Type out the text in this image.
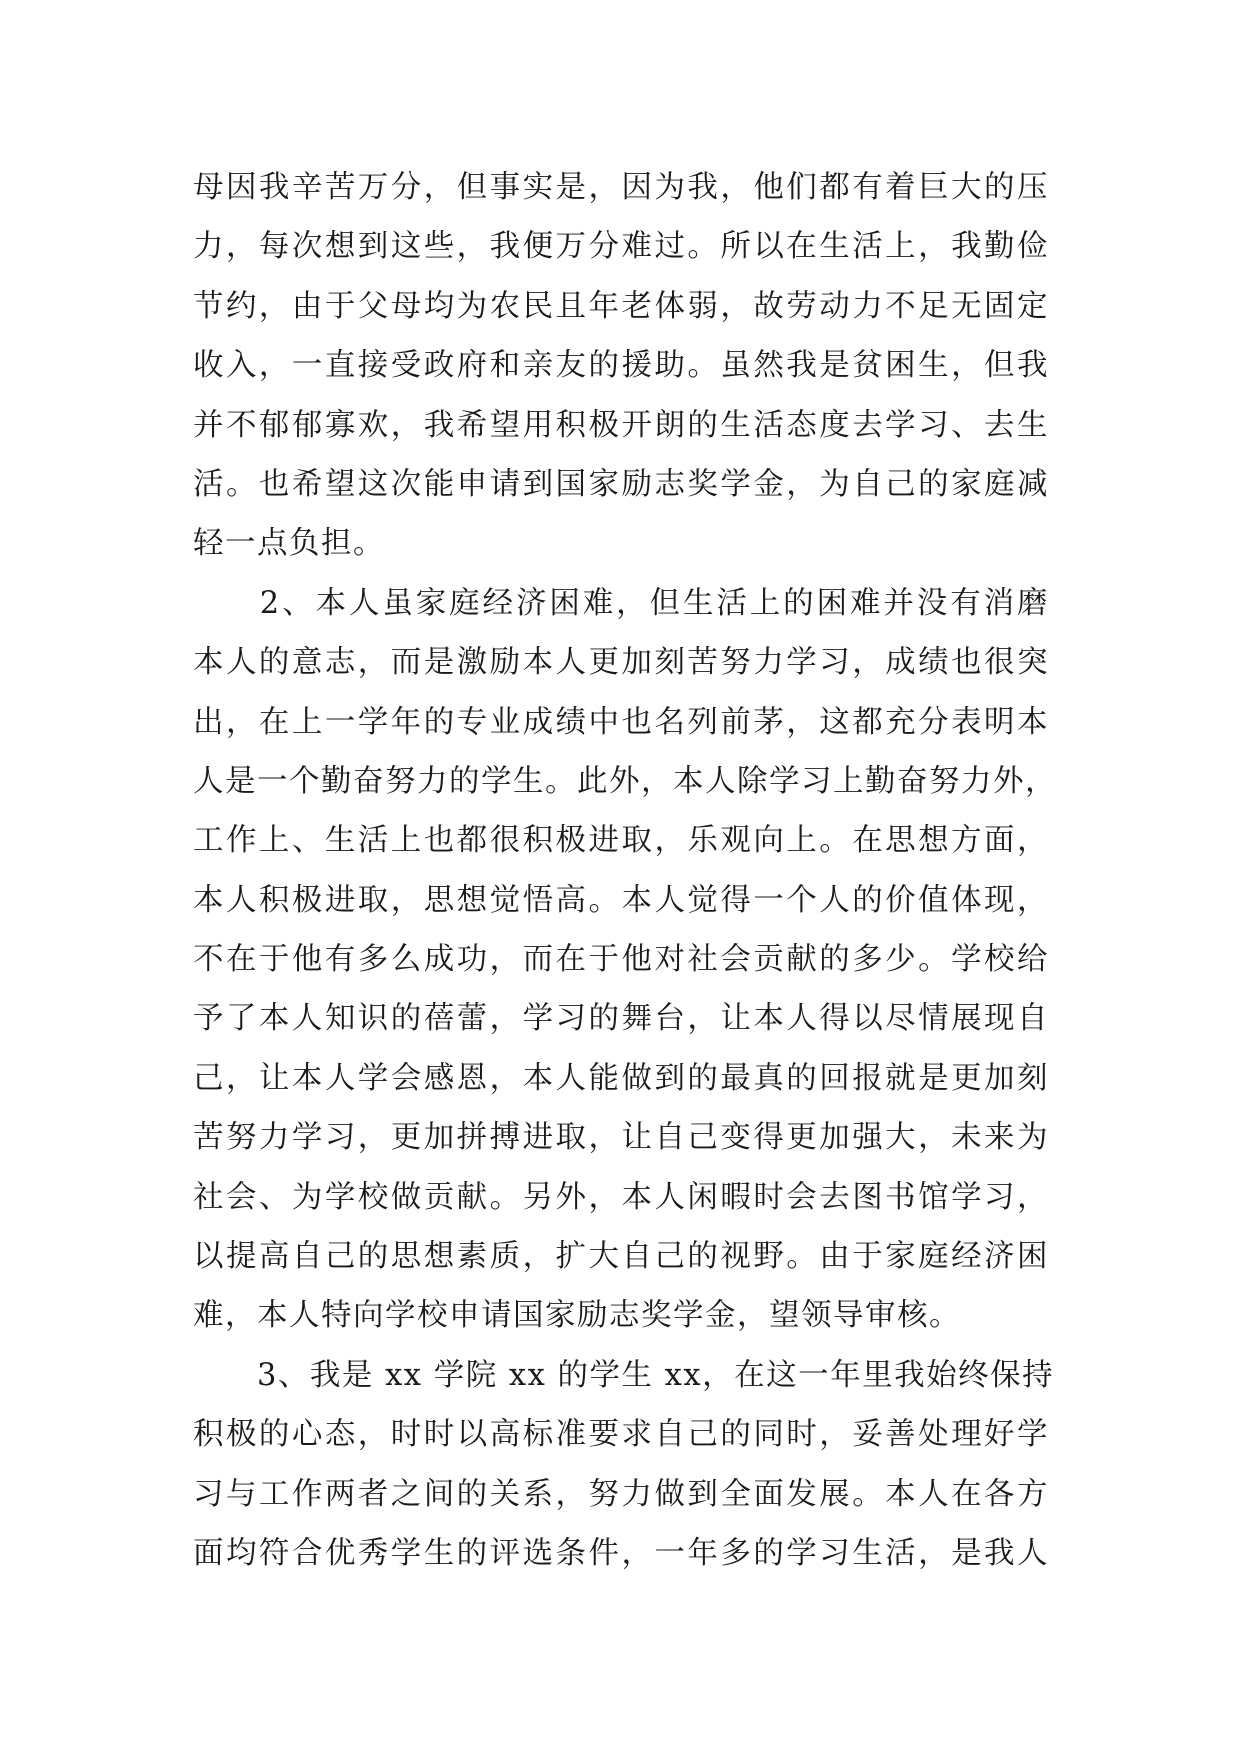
母因我辛苦万分，但事实是，因为我，他们都有着巨大的压
力，每次想到这些，我便万分难过。所以在生活上，我勤俭
节约，由于父母均为农民且年老体弱，故劳动力不足无固定
收入，一直接受政府和亲友的援助。虽然我是贫困生，但我
并不郁郁寡欢，我希望用积极开朗的生活态度去学习、去生
活。也希望这次能申请到国家励志奖学金，为自己的家庭减
轻一点负担。
　　2、本人虽家庭经济困难，但生活上的困难并没有消磨
本人的意志，而是激励本人更加刻苦努力学习，成绩也很突
出，在上一学年的专业成绩中也名列前茅，这都充分表明本
人是一个勤奋努力的学生。此外，本人除学习上勤奋努力外，
工作上、生活上也都很积极进取，乐观向上。在思想方面，
本人积极进取，思想觉悟高。本人觉得一个人的价值体现，
不在于他有多么成功，而在于他对社会贡献的多少。学校给
予了本人知识的蓓蕾，学习的舞台，让本人得以尽情展现自
己，让本人学会感恩，本人能做到的最真的回报就是更加刻
苦努力学习，更加拼搏进取，让自己变得更加强大，未来为
社会、为学校做贡献。另外，本人闲暇时会去图书馆学习，
以提高自己的思想素质，扩大自己的视野。由于家庭经济困
难，本人特向学校申请国家励志奖学金，望领导审核。
　　3、我是 xx 学院 xx 的学生 xx，在这一年里我始终保持
积极的心态，时时以高标准要求自己的同时，妥善处理好学
习与工作两者之间的关系，努力做到全面发展。本人在各方
面均符合优秀学生的评选条件，一年多的学习生活，是我人
